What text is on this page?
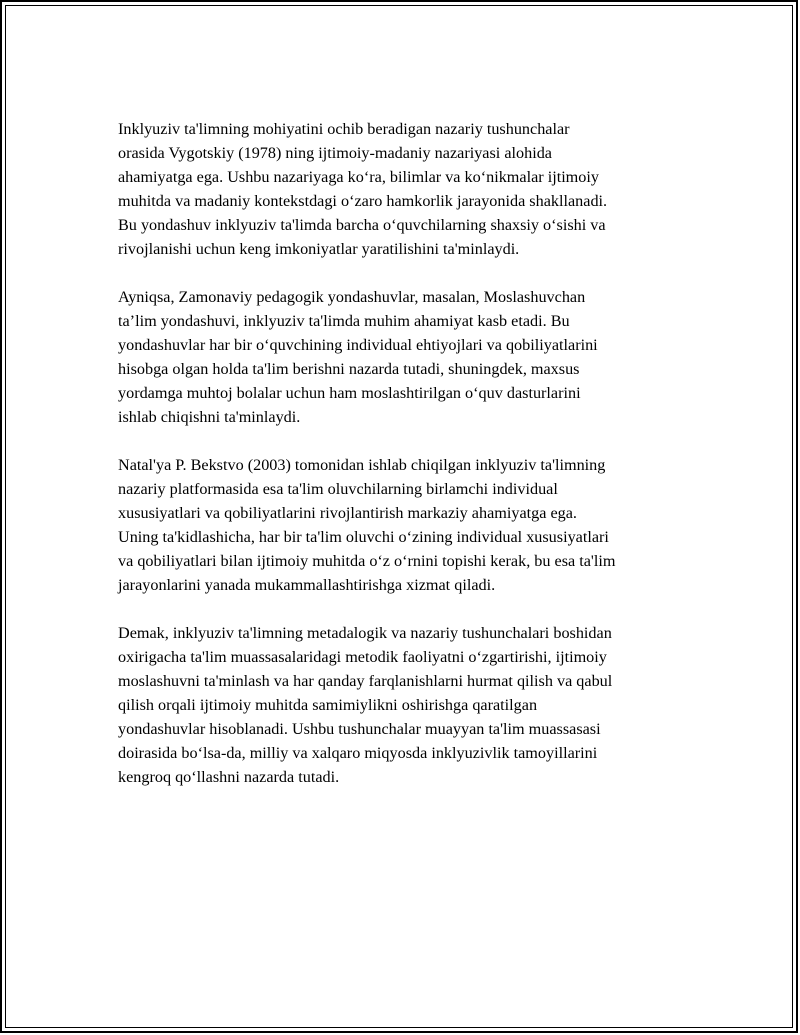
Inklyuziv ta'limning mohiyatini ochib beradigan nazariy tushunchalar
orasida Vygotskiy (1978) ning ijtimoiy-madaniy nazariyasi alohida
ahamiyatga ega. Ushbu nazariyaga ko‘ra, bilimlar va ko‘nikmalar ijtimoiy
muhitda va madaniy kontekstdagi o‘zaro hamkorlik jarayonida shakllanadi.
Bu yondashuv inklyuziv ta'limda barcha o‘quvchilarning shaxsiy o‘sishi va
rivojlanishi uchun keng imkoniyatlar yaratilishini ta'minlaydi.

Ayniqsa, Zamonaviy pedagogik yondashuvlar, masalan, Moslashuvchan
ta’lim yondashuvi, inklyuziv ta'limda muhim ahamiyat kasb etadi. Bu
yondashuvlar har bir o‘quvchining individual ehtiyojlari va qobiliyatlarini
hisobga olgan holda ta'lim berishni nazarda tutadi, shuningdek, maxsus
yordamga muhtoj bolalar uchun ham moslashtirilgan o‘quv dasturlarini
ishlab chiqishni ta'minlaydi.

Natal'ya P. Bekstvo (2003) tomonidan ishlab chiqilgan inklyuziv ta'limning
nazariy platformasida esa ta'lim oluvchilarning birlamchi individual
xususiyatlari va qobiliyatlarini rivojlantirish markaziy ahamiyatga ega.
Uning ta'kidlashicha, har bir ta'lim oluvchi o‘zining individual xususiyatlari
va qobiliyatlari bilan ijtimoiy muhitda o‘z o‘rnini topishi kerak, bu esa ta'lim
jarayonlarini yanada mukammallashtirishga xizmat qiladi.

Demak, inklyuziv ta'limning metadalogik va nazariy tushunchalari boshidan
oxirigacha ta'lim muassasalaridagi metodik faoliyatni o‘zgartirishi, ijtimoiy
moslashuvni ta'minlash va har qanday farqlanishlarni hurmat qilish va qabul
qilish orqali ijtimoiy muhitda samimiylikni oshirishga qaratilgan
yondashuvlar hisoblanadi. Ushbu tushunchalar muayyan ta'lim muassasasi
doirasida bo‘lsa-da, milliy va xalqaro miqyosda inklyuzivlik tamoyillarini
kengroq qo‘llashni nazarda tutadi.
